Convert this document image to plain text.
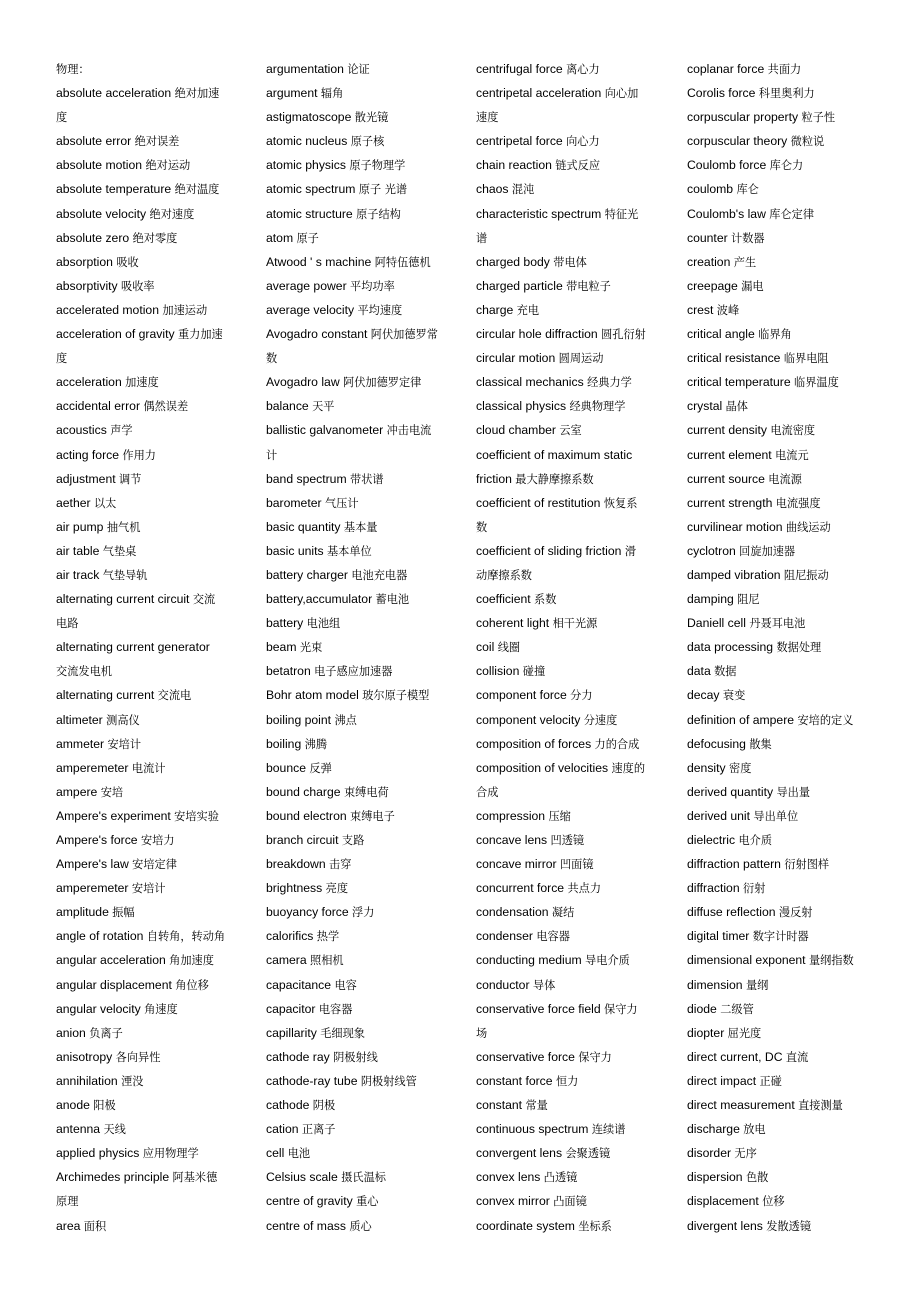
物理：
absolute acceleration 绝对加速
度
absolute error 绝对误差
absolute motion 绝对运动
absolute temperature 绝对温度
absolute velocity 绝对速度
absolute zero 绝对零度
absorption 吸收
absorptivity 吸收率
accelerated motion 加速运动
acceleration of gravity 重力加速
度
acceleration 加速度
accidental error 偶然误差
acoustics 声学
acting force 作用力
adjustment 调节
aether 以太
air pump 抽气机
air table 气垫桌
air track 气垫导轨
alternating current circuit 交流
电路
alternating current generator
交流发电机
alternating current 交流电
altimeter 测高仪
ammeter 安培计
amperemeter 电流计
ampere 安培
Ampere's experiment 安培实验
Ampere's force 安培力
Ampere's law 安培定律
amperemeter 安培计
amplitude 振幅
angle of rotation 自转角，转动角
angular acceleration 角加速度
angular displacement 角位移
angular velocity 角速度
anion 负离子
anisotropy 各向异性
annihilation 湮没
anode 阳极
antenna 天线
applied physics 应用物理学
Archimedes principle 阿基米德
原理
area 面积
argumentation 论证
argument 辐角
astigmatoscope 散光镜
atomic nucleus 原子核
atomic physics 原子物理学
atomic spectrum 原子 光谱
atomic structure 原子结构
atom 原子
Atwood ' s machine 阿特伍德机
average power 平均功率
average velocity 平均速度
Avogadro constant 阿伏加德罗常
数
Avogadro law 阿伏加德罗定律
balance 天平
ballistic galvanometer 冲击电流
计
band spectrum 带状谱
barometer 气压计
basic quantity 基本量
basic units 基本单位
battery charger 电池充电器
battery,accumulator 蓄电池
battery 电池组
beam 光束
betatron 电子感应加速器
Bohr atom model 玻尔原子模型
boiling point 沸点
boiling 沸腾
bounce 反弹
bound charge 束缚电荷
bound electron 束缚电子
branch circuit 支路
breakdown 击穿
brightness 亮度
buoyancy force 浮力
calorifics 热学
camera 照相机
capacitance 电容
capacitor 电容器
capillarity 毛细现象
cathode ray 阴极射线
cathode-ray tube 阴极射线管
cathode 阴极
cation 正离子
cell 电池
Celsius scale 摄氏温标
centre of gravity 重心
centre of mass 质心
centrifugal force 离心力
centripetal acceleration 向心加
速度
centripetal force 向心力
chain reaction 链式反应
chaos 混沌
characteristic spectrum 特征光
谱
charged body 带电体
charged particle 带电粒子
charge 充电
circular hole diffraction 圆孔衍射
circular motion 圆周运动
classical mechanics 经典力学
classical physics 经典物理学
cloud chamber 云室
coefficient of maximum static
friction 最大静摩擦系数
coefficient of restitution 恢复系
数
coefficient of sliding friction 滑
动摩擦系数
coefficient 系数
coherent light 相干光源
coil 线圈
collision 碰撞
component force 分力
component velocity 分速度
composition of forces 力的合成
composition of velocities 速度的
合成
compression 压缩
concave lens 凹透镜
concave mirror 凹面镜
concurrent force 共点力
condensation 凝结
condenser 电容器
conducting medium 导电介质
conductor 导体
conservative force field 保守力
场
conservative force 保守力
constant force 恒力
constant 常量
continuous spectrum 连续谱
convergent lens 会聚透镜
convex lens 凸透镜
convex mirror 凸面镜
coordinate system 坐标系
coplanar force 共面力
Corolis force 科里奥利力
corpuscular property 粒子性
corpuscular theory 微粒说
Coulomb force 库仑力
coulomb 库仑
Coulomb's law 库仑定律
counter 计数器
creation 产生
creepage 漏电
crest 波峰
critical angle 临界角
critical resistance 临界电阻
critical temperature 临界温度
crystal 晶体
current density 电流密度
current element 电流元
current source 电流源
current strength 电流强度
curvilinear motion 曲线运动
cyclotron 回旋加速器
damped vibration 阻尼振动
damping 阻尼
Daniell cell 丹聂耳电池
data processing 数据处理
data 数据
decay 衰变
definition of ampere 安培的定义
defocusing 散集
density 密度
derived quantity 导出量
derived unit 导出单位
dielectric 电介质
diffraction pattern 衍射图样
diffraction 衍射
diffuse reflection 漫反射
digital timer 数字计时器
dimensional exponent 量纲指数
dimension 量纲
diode 二级管
diopter 屈光度
direct current, DC 直流
direct impact 正碰
direct measurement 直接测量
discharge 放电
disorder 无序
dispersion 色散
displacement 位移
divergent lens 发散透镜
